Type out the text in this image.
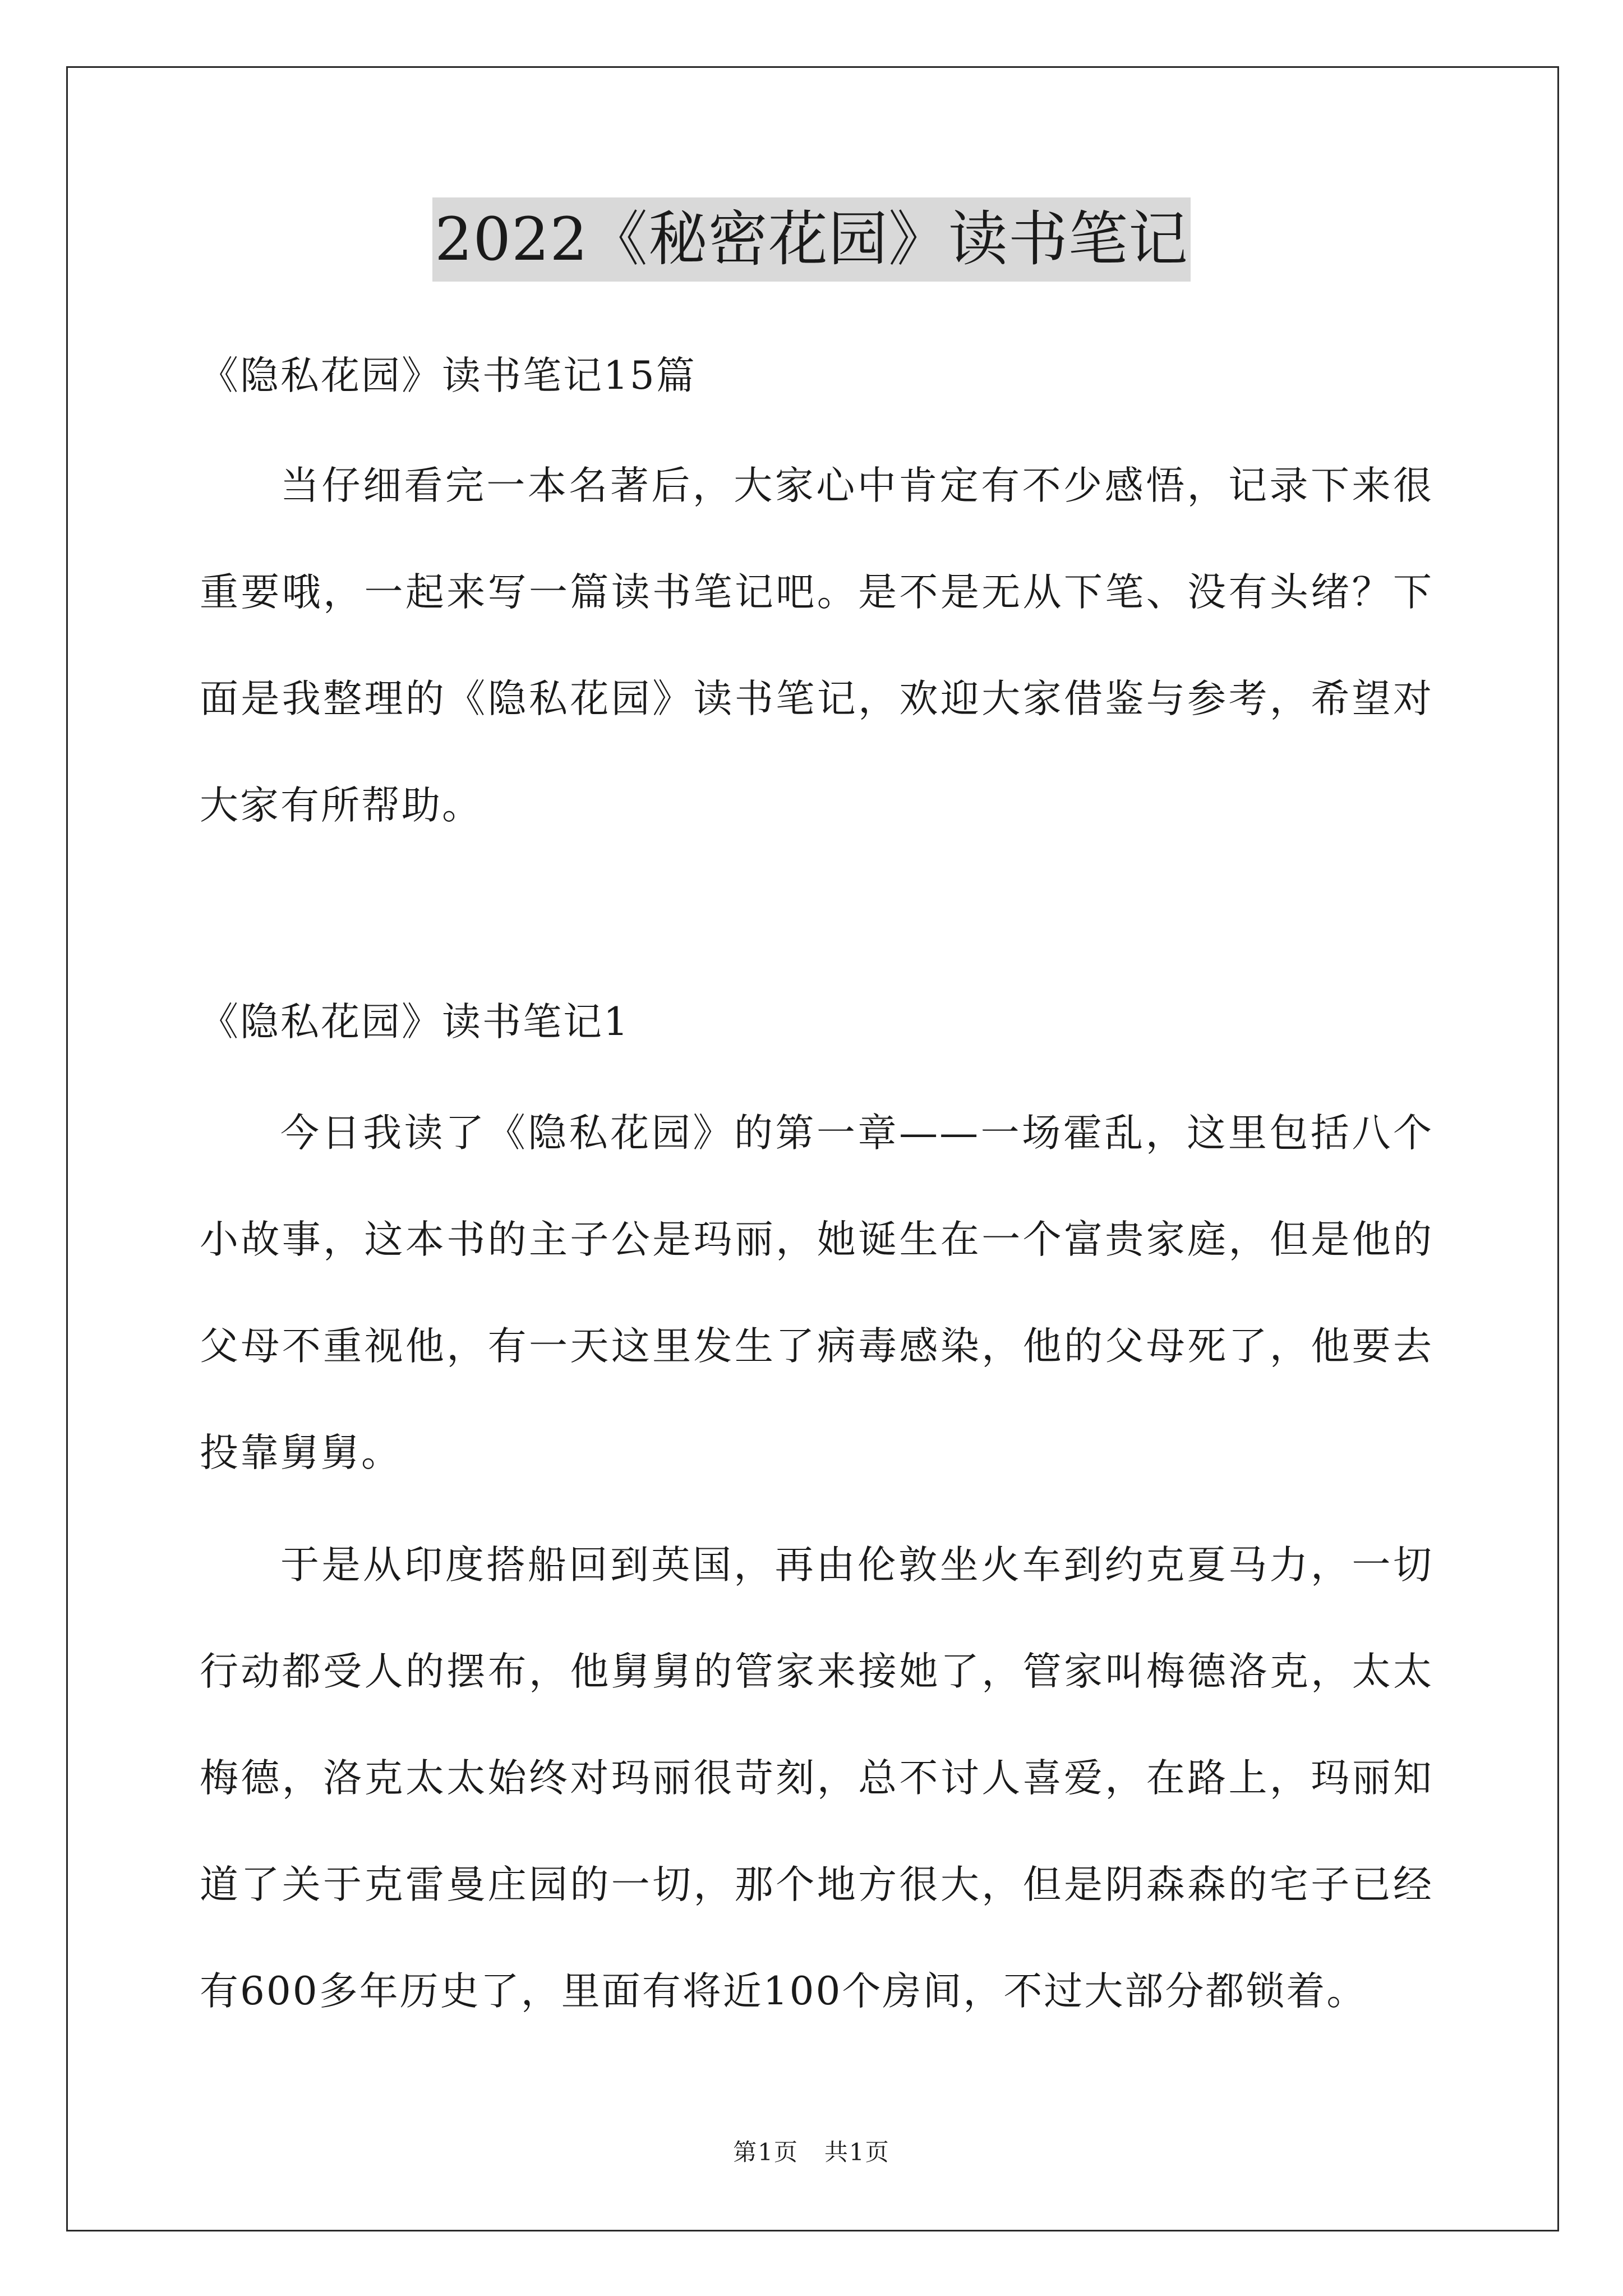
2022《秘密花园》读书笔记
《隐私花园》读书笔记15篇

当仔细看完一本名著后，大家心中肯定有不少感悟，记录下来很重要哦，一起来写一篇读书笔记吧。是不是无从下笔、没有头绪？下面是我整理的《隐私花园》读书笔记，欢迎大家借鉴与参考，希望对大家有所帮助。

《隐私花园》读书笔记1

今日我读了《隐私花园》的第一章——一场霍乱，这里包括八个小故事，这本书的主子公是玛丽，她诞生在一个富贵家庭，但是他的父母不重视他，有一天这里发生了病毒感染，他的父母死了，他要去投靠舅舅。

于是从印度搭船回到英国，再由伦敦坐火车到约克夏马力，一切行动都受人的摆布，他舅舅的管家来接她了，管家叫梅德洛克，太太梅德，洛克太太始终对玛丽很苛刻，总不讨人喜爱，在路上，玛丽知道了关于克雷曼庄园的一切，那个地方很大，但是阴森森的宅子已经有600多年历史了，里面有将近100个房间，不过大部分都锁着。

第1页 共1页
